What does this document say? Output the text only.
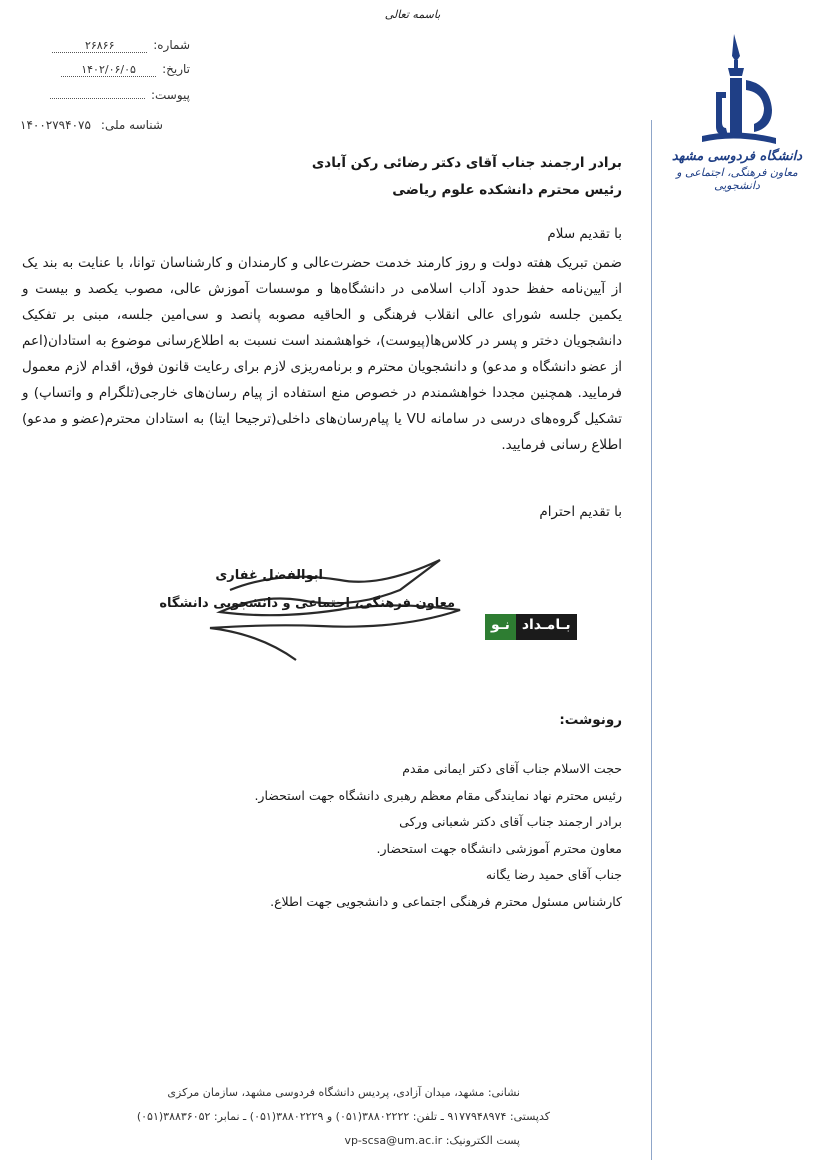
باسمه تعالی
دانشگاه فردوسی مشهد
معاون فرهنگی، اجتماعی و دانشجویی
شماره:۲۶۸۶۶
تاریخ:۱۴۰۲/۰۶/۰۵
پیوست:
شناسه ملی:۱۴۰۰۲۷۹۴۰۷۵
برادر ارجمند جناب آقای دکتر رضائی رکن آبادی
رئیس محترم دانشکده علوم ریاضی
با تقدیم سلام
ضمن تبریک هفته دولت و روز کارمند خدمت حضرت‌عالی و کارمندان و کارشناسان توانا، با عنایت به بند یک از آیین‌نامه حفظ حدود آداب اسلامی در دانشگاه‌ها و موسسات آموزش عالی، مصوب یکصد و بیست و یکمین جلسه شورای عالی انقلاب فرهنگی و الحاقیه مصوبه پانصد و سی‌امین جلسه، مبنی بر تفکیک دانشجویان دختر و پسر در کلاس‌ها(پیوست)، خواهشمند است نسبت به اطلاع‌رسانی موضوع به استادان(اعم از عضو دانشگاه و مدعو) و دانشجویان محترم و برنامه‌ریزی لازم برای رعایت قانون فوق، اقدام لازم معمول فرمایید. همچنین مجددا خواهشمندم در خصوص منع استفاده از پیام رسان‌های خارجی(تلگرام و واتساپ) و تشکیل گروه‌های درسی در سامانه VU یا پیام‌رسان‌های داخلی(ترجیحا ایتا) به استادان محترم(عضو و مدعو) اطلاع رسانی فرمایید.
با تقدیم احترام
ابوالفضل غفاری
معاون فرهنگی، اجتماعی و دانشجویی دانشگاه
نـو بـامـداد
رونوشت:
حجت الاسلام جناب آقای دکتر ایمانی مقدم
رئیس محترم نهاد نمایندگی مقام معظم رهبری دانشگاه جهت استحضار.
برادر ارجمند جناب آقای دکتر شعبانی ورکی
معاون محترم آموزشی دانشگاه جهت استحضار.
جناب آقای حمید رضا یگانه
کارشناس مسئول محترم فرهنگی اجتماعی و دانشجویی جهت اطلاع.
نشانی: مشهد، میدان آزادی، پردیس دانشگاه فردوسی مشهد، سازمان مرکزی
کدپستی: ۹۱۷۷۹۴۸۹۷۴ ـ تلفن: ۳۸۸۰۲۲۲۲(۰۵۱) و ۳۸۸۰۲۲۲۹(۰۵۱) ـ نمابر: ۳۸۸۳۶۰۵۲(۰۵۱)
پست الکترونیک: vp-scsa@um.ac.ir
